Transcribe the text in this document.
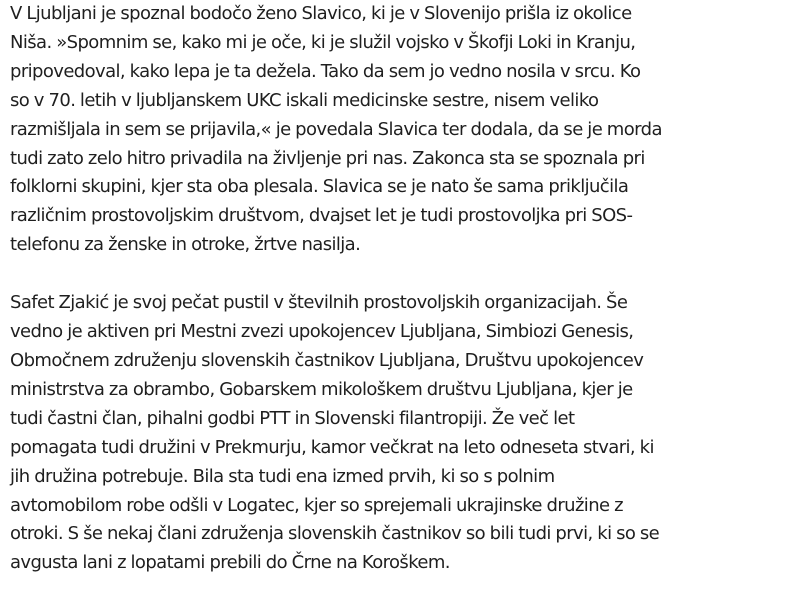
V Ljubljani je spoznal bodočo ženo Slavico, ki je v Slovenijo prišla iz okolice
Niša. »Spomnim se, kako mi je oče, ki je služil vojsko v Škofji Loki in Kranju,
pripovedoval, kako lepa je ta dežela. Tako da sem jo vedno nosila v srcu. Ko
so v 70. letih v ljubljanskem UKC iskali medicinske sestre, nisem veliko
razmišljala in sem se prijavila,« je povedala Slavica ter dodala, da se je morda
tudi zato zelo hitro privadila na življenje pri nas. Zakonca sta se spoznala pri
folklorni skupini, kjer sta oba plesala. Slavica se je nato še sama priključila
različnim prostovoljskim društvom, dvajset let je tudi prostovoljka pri SOS-
telefonu za ženske in otroke, žrtve nasilja.

Safet Zjakić je svoj pečat pustil v številnih prostovoljskih organizacijah. Še
vedno je aktiven pri Mestni zvezi upokojencev Ljubljana, Simbiozi Genesis,
Območnem združenju slovenskih častnikov Ljubljana, Društvu upokojencev
ministrstva za obrambo, Gobarskem mikološkem društvu Ljubljana, kjer je
tudi častni član, pihalni godbi PTT in Slovenski filantropiji. Že več let
pomagata tudi družini v Prekmurju, kamor večkrat na leto odneseta stvari, ki
jih družina potrebuje. Bila sta tudi ena izmed prvih, ki so s polnim
avtomobilom robe odšli v Logatec, kjer so sprejemali ukrajinske družine z
otroki. S še nekaj člani združenja slovenskih častnikov so bili tudi prvi, ki so se
avgusta lani z lopatami prebili do Črne na Koroškem.
